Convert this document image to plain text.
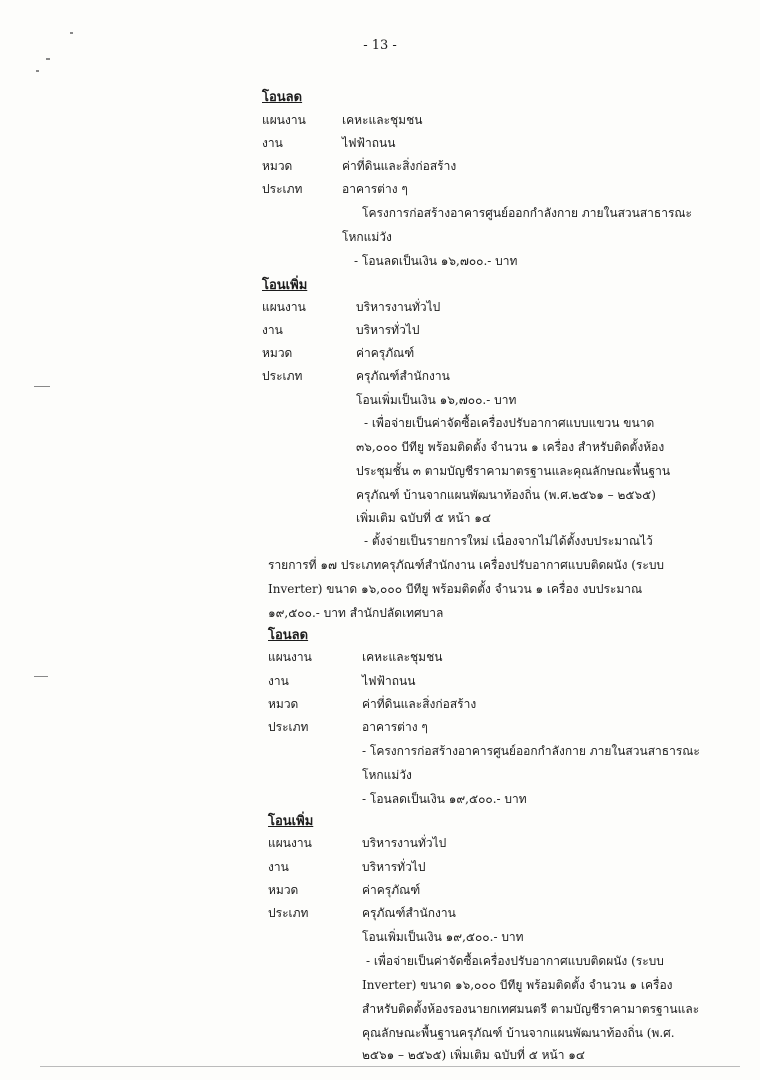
- 13 -
โอนลด
แผนงาน	เคหะและชุมชน
งาน	ไฟฟ้าถนน
หมวด	ค่าที่ดินและสิ่งก่อสร้าง
ประเภท	อาคารต่าง ๆ
โครงการก่อสร้างอาคารศูนย์ออกกำลังกาย ภายในสวนสาธารณะ
โหกแม่วัง
- โอนลดเป็นเงิน ๑๖,๗๐๐.- บาท
โอนเพิ่ม
แผนงาน	บริหารงานทั่วไป
งาน	บริหารทั่วไป
หมวด	ค่าครุภัณฑ์
ประเภท	ครุภัณฑ์สำนักงาน
โอนเพิ่มเป็นเงิน ๑๖,๗๐๐.- บาท
- เพื่อจ่ายเป็นค่าจัดซื้อเครื่องปรับอากาศแบบแขวน ขนาด
๓๖,๐๐๐ บีทียู พร้อมติดตั้ง จำนวน ๑ เครื่อง สำหรับติดตั้งห้อง
ประชุมชั้น ๓ ตามบัญชีราคามาตรฐานและคุณลักษณะพื้นฐาน
ครุภัณฑ์ บ้านจากแผนพัฒนาท้องถิ่น (พ.ศ.๒๕๖๑ – ๒๕๖๕)
เพิ่มเติม ฉบับที่ ๕ หน้า ๑๔
- ตั้งจ่ายเป็นรายการใหม่ เนื่องจากไม่ได้ตั้งงบประมาณไว้
รายการที่ ๑๗ ประเภทครุภัณฑ์สำนักงาน เครื่องปรับอากาศแบบติดผนัง (ระบบ
Inverter) ขนาด ๑๖,๐๐๐ บีทียู พร้อมติดตั้ง จำนวน ๑ เครื่อง งบประมาณ
๑๙,๕๐๐.- บาท สำนักปลัดเทศบาล
โอนลด
แผนงาน	เคหะและชุมชน
งาน	ไฟฟ้าถนน
หมวด	ค่าที่ดินและสิ่งก่อสร้าง
ประเภท	อาคารต่าง ๆ
- โครงการก่อสร้างอาคารศูนย์ออกกำลังกาย ภายในสวนสาธารณะ
โหกแม่วัง
- โอนลดเป็นเงิน ๑๙,๕๐๐.- บาท
โอนเพิ่ม
แผนงาน	บริหารงานทั่วไป
งาน	บริหารทั่วไป
หมวด	ค่าครุภัณฑ์
ประเภท	ครุภัณฑ์สำนักงาน
โอนเพิ่มเป็นเงิน ๑๙,๕๐๐.- บาท
- เพื่อจ่ายเป็นค่าจัดซื้อเครื่องปรับอากาศแบบติดผนัง (ระบบ
Inverter) ขนาด ๑๖,๐๐๐ บีทียู พร้อมติดตั้ง จำนวน ๑ เครื่อง
สำหรับติดตั้งห้องรองนายกเทศมนตรี ตามบัญชีราคามาตรฐานและ
คุณลักษณะพื้นฐานครุภัณฑ์ บ้านจากแผนพัฒนาท้องถิ่น (พ.ศ.
๒๕๖๑ – ๒๕๖๕) เพิ่มเติม ฉบับที่ ๕ หน้า ๑๔
